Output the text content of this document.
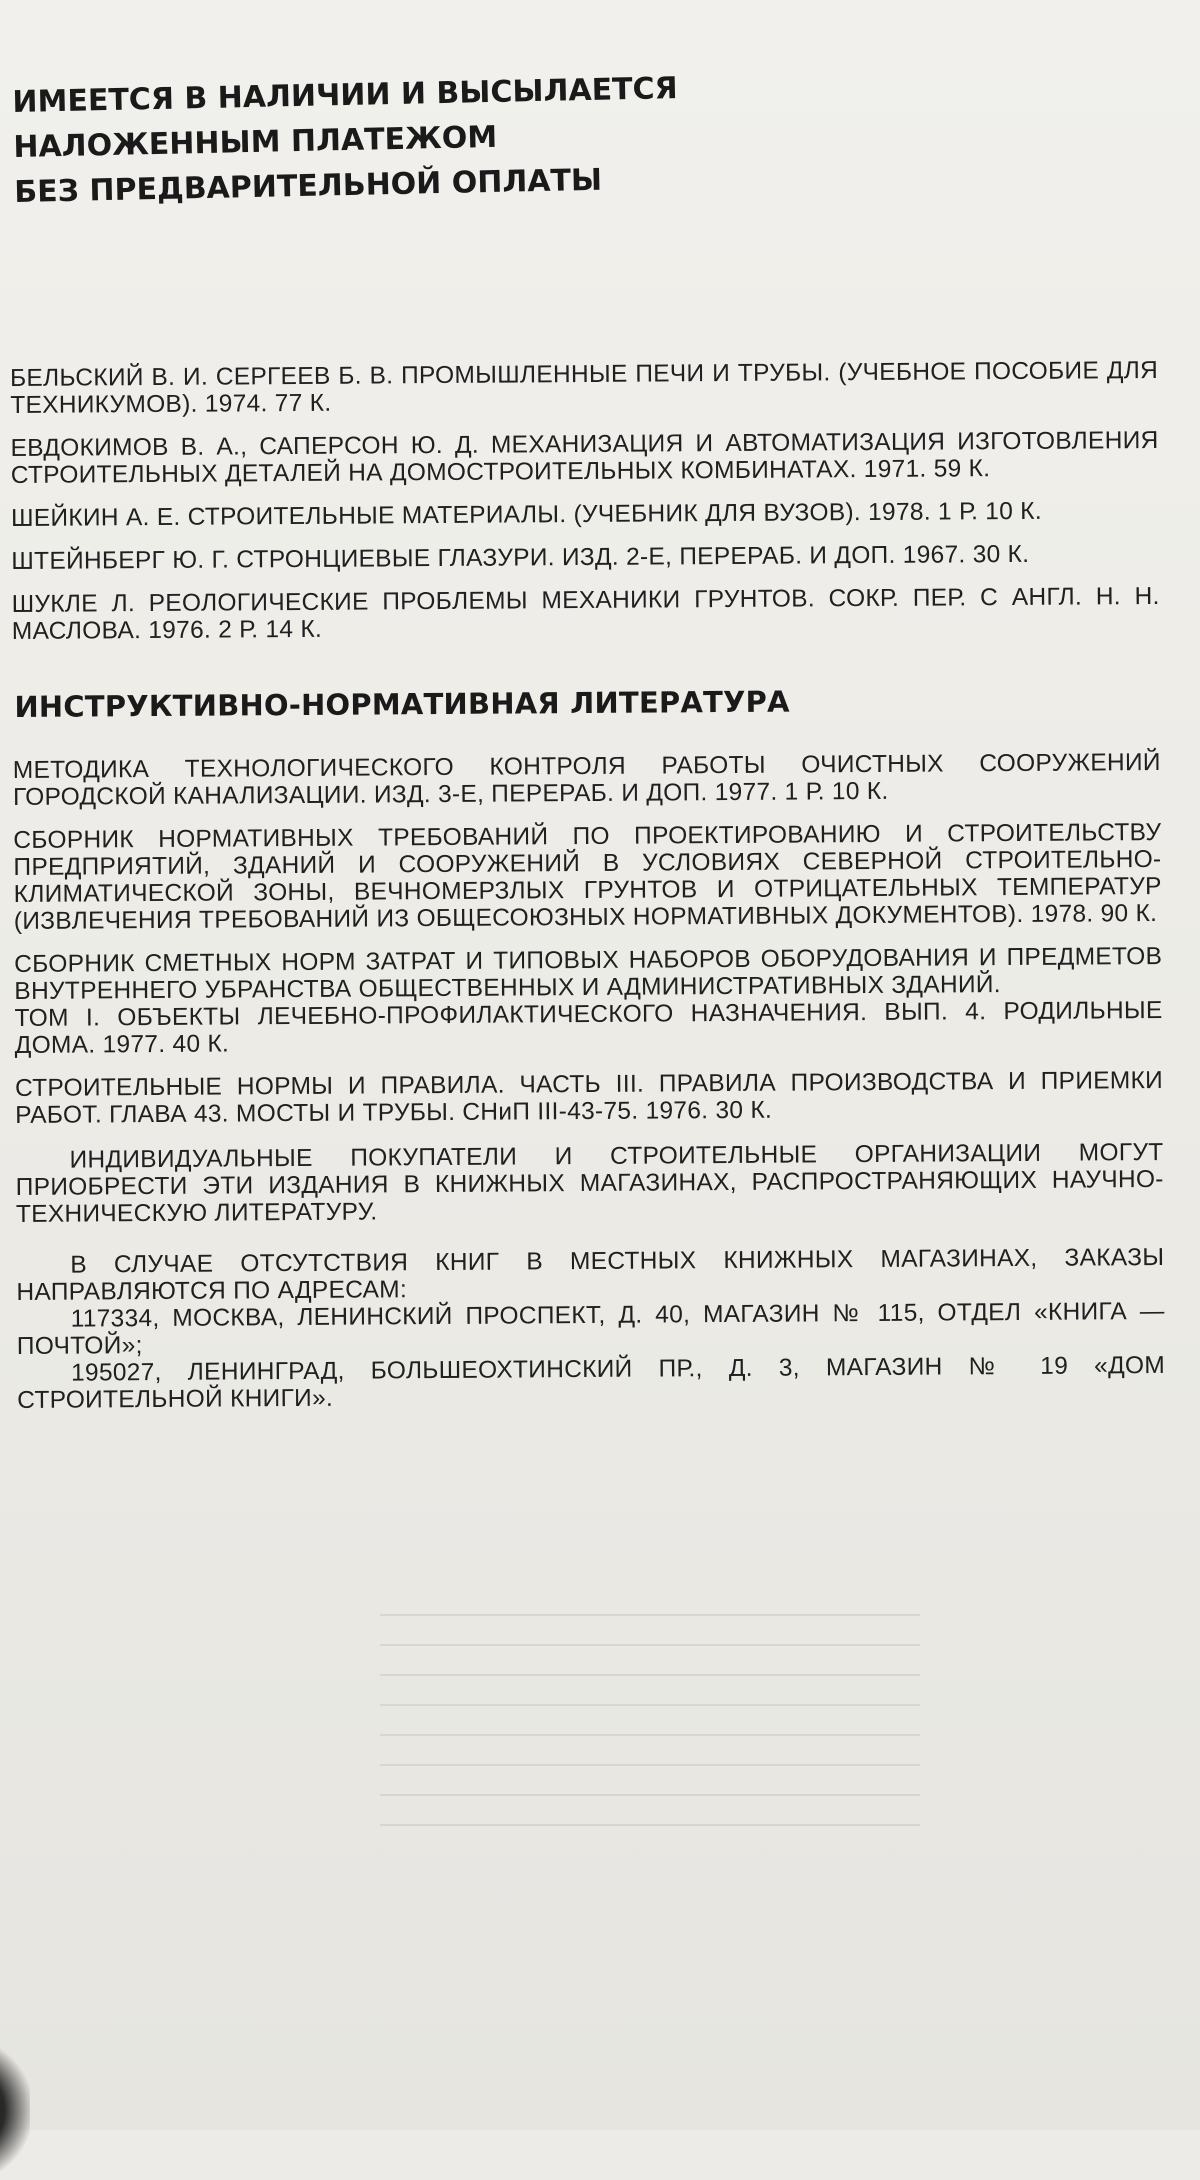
ИМЕЕТСЯ В НАЛИЧИИ И ВЫСЫЛАЕТСЯ
НАЛОЖЕННЫМ ПЛАТЕЖОМ
БЕЗ ПРЕДВАРИТЕЛЬНОЙ ОПЛАТЫ

БЕЛЬСКИЙ В. И. СЕРГЕЕВ Б. В. ПРОМЫШЛЕННЫЕ ПЕЧИ И ТРУБЫ. (УЧЕБНОЕ ПОСОБИЕ ДЛЯ ТЕХНИКУМОВ). 1974. 77 К.

ЕВДОКИМОВ В. А., САПЕРСОН Ю. Д. МЕХАНИЗАЦИЯ И АВТОМАТИЗАЦИЯ ИЗГОТОВЛЕНИЯ СТРОИТЕЛЬНЫХ ДЕТАЛЕЙ НА ДОМОСТРОИТЕЛЬНЫХ КОМБИНАТАХ. 1971. 59 К.

ШЕЙКИН А. Е. СТРОИТЕЛЬНЫЕ МАТЕРИАЛЫ. (УЧЕБНИК ДЛЯ ВУЗОВ). 1978. 1 Р. 10 К.

ШТЕЙНБЕРГ Ю. Г. СТРОНЦИЕВЫЕ ГЛАЗУРИ. ИЗД. 2-Е, ПЕРЕРАБ. И ДОП. 1967. 30 К.

ШУКЛЕ Л. РЕОЛОГИЧЕСКИЕ ПРОБЛЕМЫ МЕХАНИКИ ГРУНТОВ. СОКР. ПЕР. С АНГЛ. Н. Н. МАСЛОВА. 1976. 2 Р. 14 К.

ИНСТРУКТИВНО-НОРМАТИВНАЯ ЛИТЕРАТУРА

МЕТОДИКА ТЕХНОЛОГИЧЕСКОГО КОНТРОЛЯ РАБОТЫ ОЧИСТНЫХ СООРУЖЕНИЙ ГОРОДСКОЙ КАНАЛИЗАЦИИ. ИЗД. 3-Е, ПЕРЕРАБ. И ДОП. 1977. 1 Р. 10 К.

СБОРНИК НОРМАТИВНЫХ ТРЕБОВАНИЙ ПО ПРОЕКТИРОВАНИЮ И СТРОИТЕЛЬСТВУ ПРЕДПРИЯТИЙ, ЗДАНИЙ И СООРУЖЕНИЙ В УСЛОВИЯХ СЕВЕРНОЙ СТРОИТЕЛЬНО-КЛИМАТИЧЕСКОЙ ЗОНЫ, ВЕЧНОМЕРЗЛЫХ ГРУНТОВ И ОТРИЦАТЕЛЬНЫХ ТЕМПЕРАТУР (ИЗВЛЕЧЕНИЯ ТРЕБОВАНИЙ ИЗ ОБЩЕСОЮЗНЫХ НОРМАТИВНЫХ ДОКУМЕНТОВ). 1978. 90 К.

СБОРНИК СМЕТНЫХ НОРМ ЗАТРАТ И ТИПОВЫХ НАБОРОВ ОБОРУДОВАНИЯ И ПРЕДМЕТОВ ВНУТРЕННЕГО УБРАНСТВА ОБЩЕСТВЕННЫХ И АДМИНИСТРАТИВНЫХ ЗДАНИЙ.
ТОМ I. ОБЪЕКТЫ ЛЕЧЕБНО-ПРОФИЛАКТИЧЕСКОГО НАЗНАЧЕНИЯ. ВЫП. 4. РОДИЛЬНЫЕ ДОМА. 1977. 40 К.

СТРОИТЕЛЬНЫЕ НОРМЫ И ПРАВИЛА. ЧАСТЬ III. ПРАВИЛА ПРОИЗВОДСТВА И ПРИЕМКИ РАБОТ. ГЛАВА 43. МОСТЫ И ТРУБЫ. СНиП III-43-75. 1976. 30 К.

ИНДИВИДУАЛЬНЫЕ ПОКУПАТЕЛИ И СТРОИТЕЛЬНЫЕ ОРГАНИЗАЦИИ МОГУТ ПРИОБРЕСТИ ЭТИ ИЗДАНИЯ В КНИЖНЫХ МАГАЗИНАХ, РАСПРОСТРАНЯЮЩИХ НАУЧНО-ТЕХНИЧЕСКУЮ ЛИТЕРАТУРУ.

В СЛУЧАЕ ОТСУТСТВИЯ КНИГ В МЕСТНЫХ КНИЖНЫХ МАГАЗИНАХ, ЗАКАЗЫ НАПРАВЛЯЮТСЯ ПО АДРЕСАМ:

117334, МОСКВА, ЛЕНИНСКИЙ ПРОСПЕКТ, Д. 40, МАГАЗИН № 115, ОТДЕЛ «КНИГА — ПОЧТОЙ»;

195027, ЛЕНИНГРАД, БОЛЬШЕОХТИНСКИЙ ПР., Д. 3, МАГАЗИН № 19 «ДОМ СТРОИТЕЛЬНОЙ КНИГИ».
